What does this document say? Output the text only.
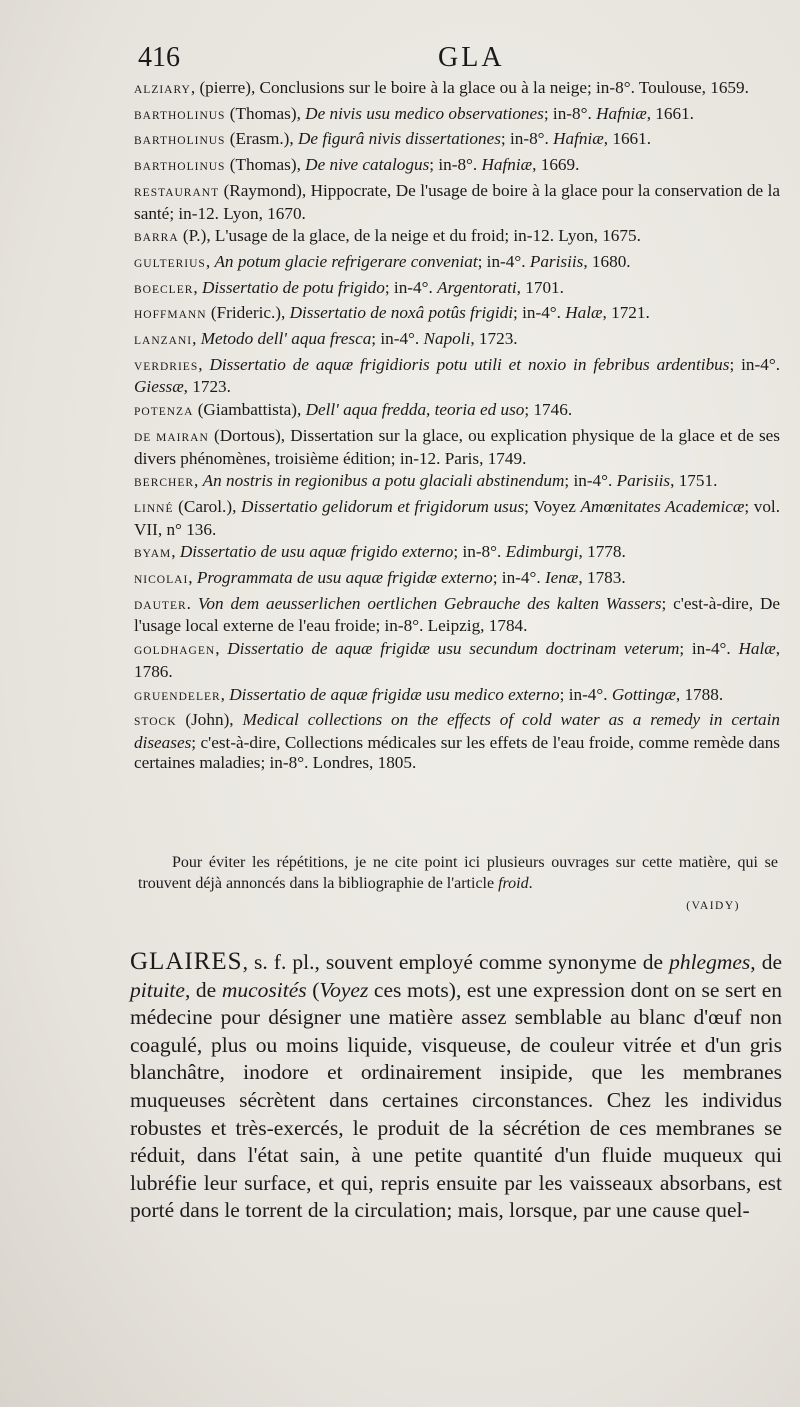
416	GLA
ALZIARY, (pierre), Conclusions sur le boire à la glace ou à la neige; in-8°. Toulouse, 1659.
BARTHOLINUS (Thomas), De nivis usu medico observationes; in-8°. Hafniæ, 1661.
BARTHOLINUS (Erasm.), De figurâ nivis dissertationes; in-8°. Hafniæ, 1661.
BARTHOLINUS (Thomas), De nive catalogus; in-8°. Hafniæ, 1669.
RESTAURANT (Raymond), Hippocrate, De l'usage de boire à la glace pour la conservation de la santé; in-12. Lyon, 1670.
BARRA (P.), L'usage de la glace, de la neige et du froid; in-12. Lyon, 1675.
GULTERIUS, An potum glacie refrigerare conveniat; in-4°. Parisiis, 1680.
BOECLER, Dissertatio de potu frigido; in-4°. Argentorati, 1701.
HOFFMANN (Frideric.), Dissertatio de noxâ potûs frigidi; in-4°. Halæ, 1721.
LANZANI, Metodo dell' aqua fresca; in-4°. Napoli, 1723.
VERDRIES, Dissertatio de aquæ frigidioris potu utili et noxio in febribus ardentibus; in-4°. Giessæ, 1723.
POTENZA (Giambattista), Dell' aqua fredda, teoria ed uso; 1746.
DE MAIRAN (Dortous), Dissertation sur la glace, ou explication physique de la glace et de ses divers phénomènes, troisième édition; in-12. Paris, 1749.
BERCHER, An nostris in regionibus a potu glaciali abstinendum; in-4°. Parisiis, 1751.
LINNÉ (Carol.), Dissertatio gelidorum et frigidorum usus; Voyez Amœnitates Academicæ; vol. VII, n° 136.
BYAM, Dissertatio de usu aquæ frigido externo; in-8°. Edimburgi, 1778.
NICOLAI, Programmata de usu aquæ frigidæ externo; in-4°. Ienæ, 1783.
DAUTER. Von dem aeusserlichen oertlichen Gebrauche des kalten Wassers; c'est-à-dire, De l'usage local externe de l'eau froide; in-8°. Leipzig, 1784.
GOLDHAGEN, Dissertatio de aquæ frigidæ usu secundum doctrinam veterum; in-4°. Halæ, 1786.
GRUENDELER, Dissertatio de aquæ frigidæ usu medico externo; in-4°. Gottingæ, 1788.
STOCK (John), Medical collections on the effects of cold water as a remedy in certain diseases; c'est-à-dire, Collections médicales sur les effets de l'eau froide, comme remède dans certaines maladies; in-8°. Londres, 1805.

Pour éviter les répétitions, je ne cite point ici plusieurs ouvrages sur cette matière, qui se trouvent déjà annoncés dans la bibliographie de l'article froid.

(VAIDY)

GLAIRES, s. f. pl., souvent employé comme synonyme de phlegmes, de pituite, de mucosités (Voyez ces mots), est une expression dont on se sert en médecine pour désigner une matière assez semblable au blanc d'œuf non coagulé, plus ou moins liquide, visqueuse, de couleur vitrée et d'un gris blanchâtre, inodore et ordinairement insipide, que les membranes muqueuses sécrètent dans certaines circonstances. Chez les individus robustes et très-exercés, le produit de la sécrétion de ces membranes se réduit, dans l'état sain, à une petite quantité d'un fluide muqueux qui lubréfie leur surface, et qui, repris ensuite par les vaisseaux absorbans, est porté dans le torrent de la circulation; mais, lorsque, par une cause quel-
